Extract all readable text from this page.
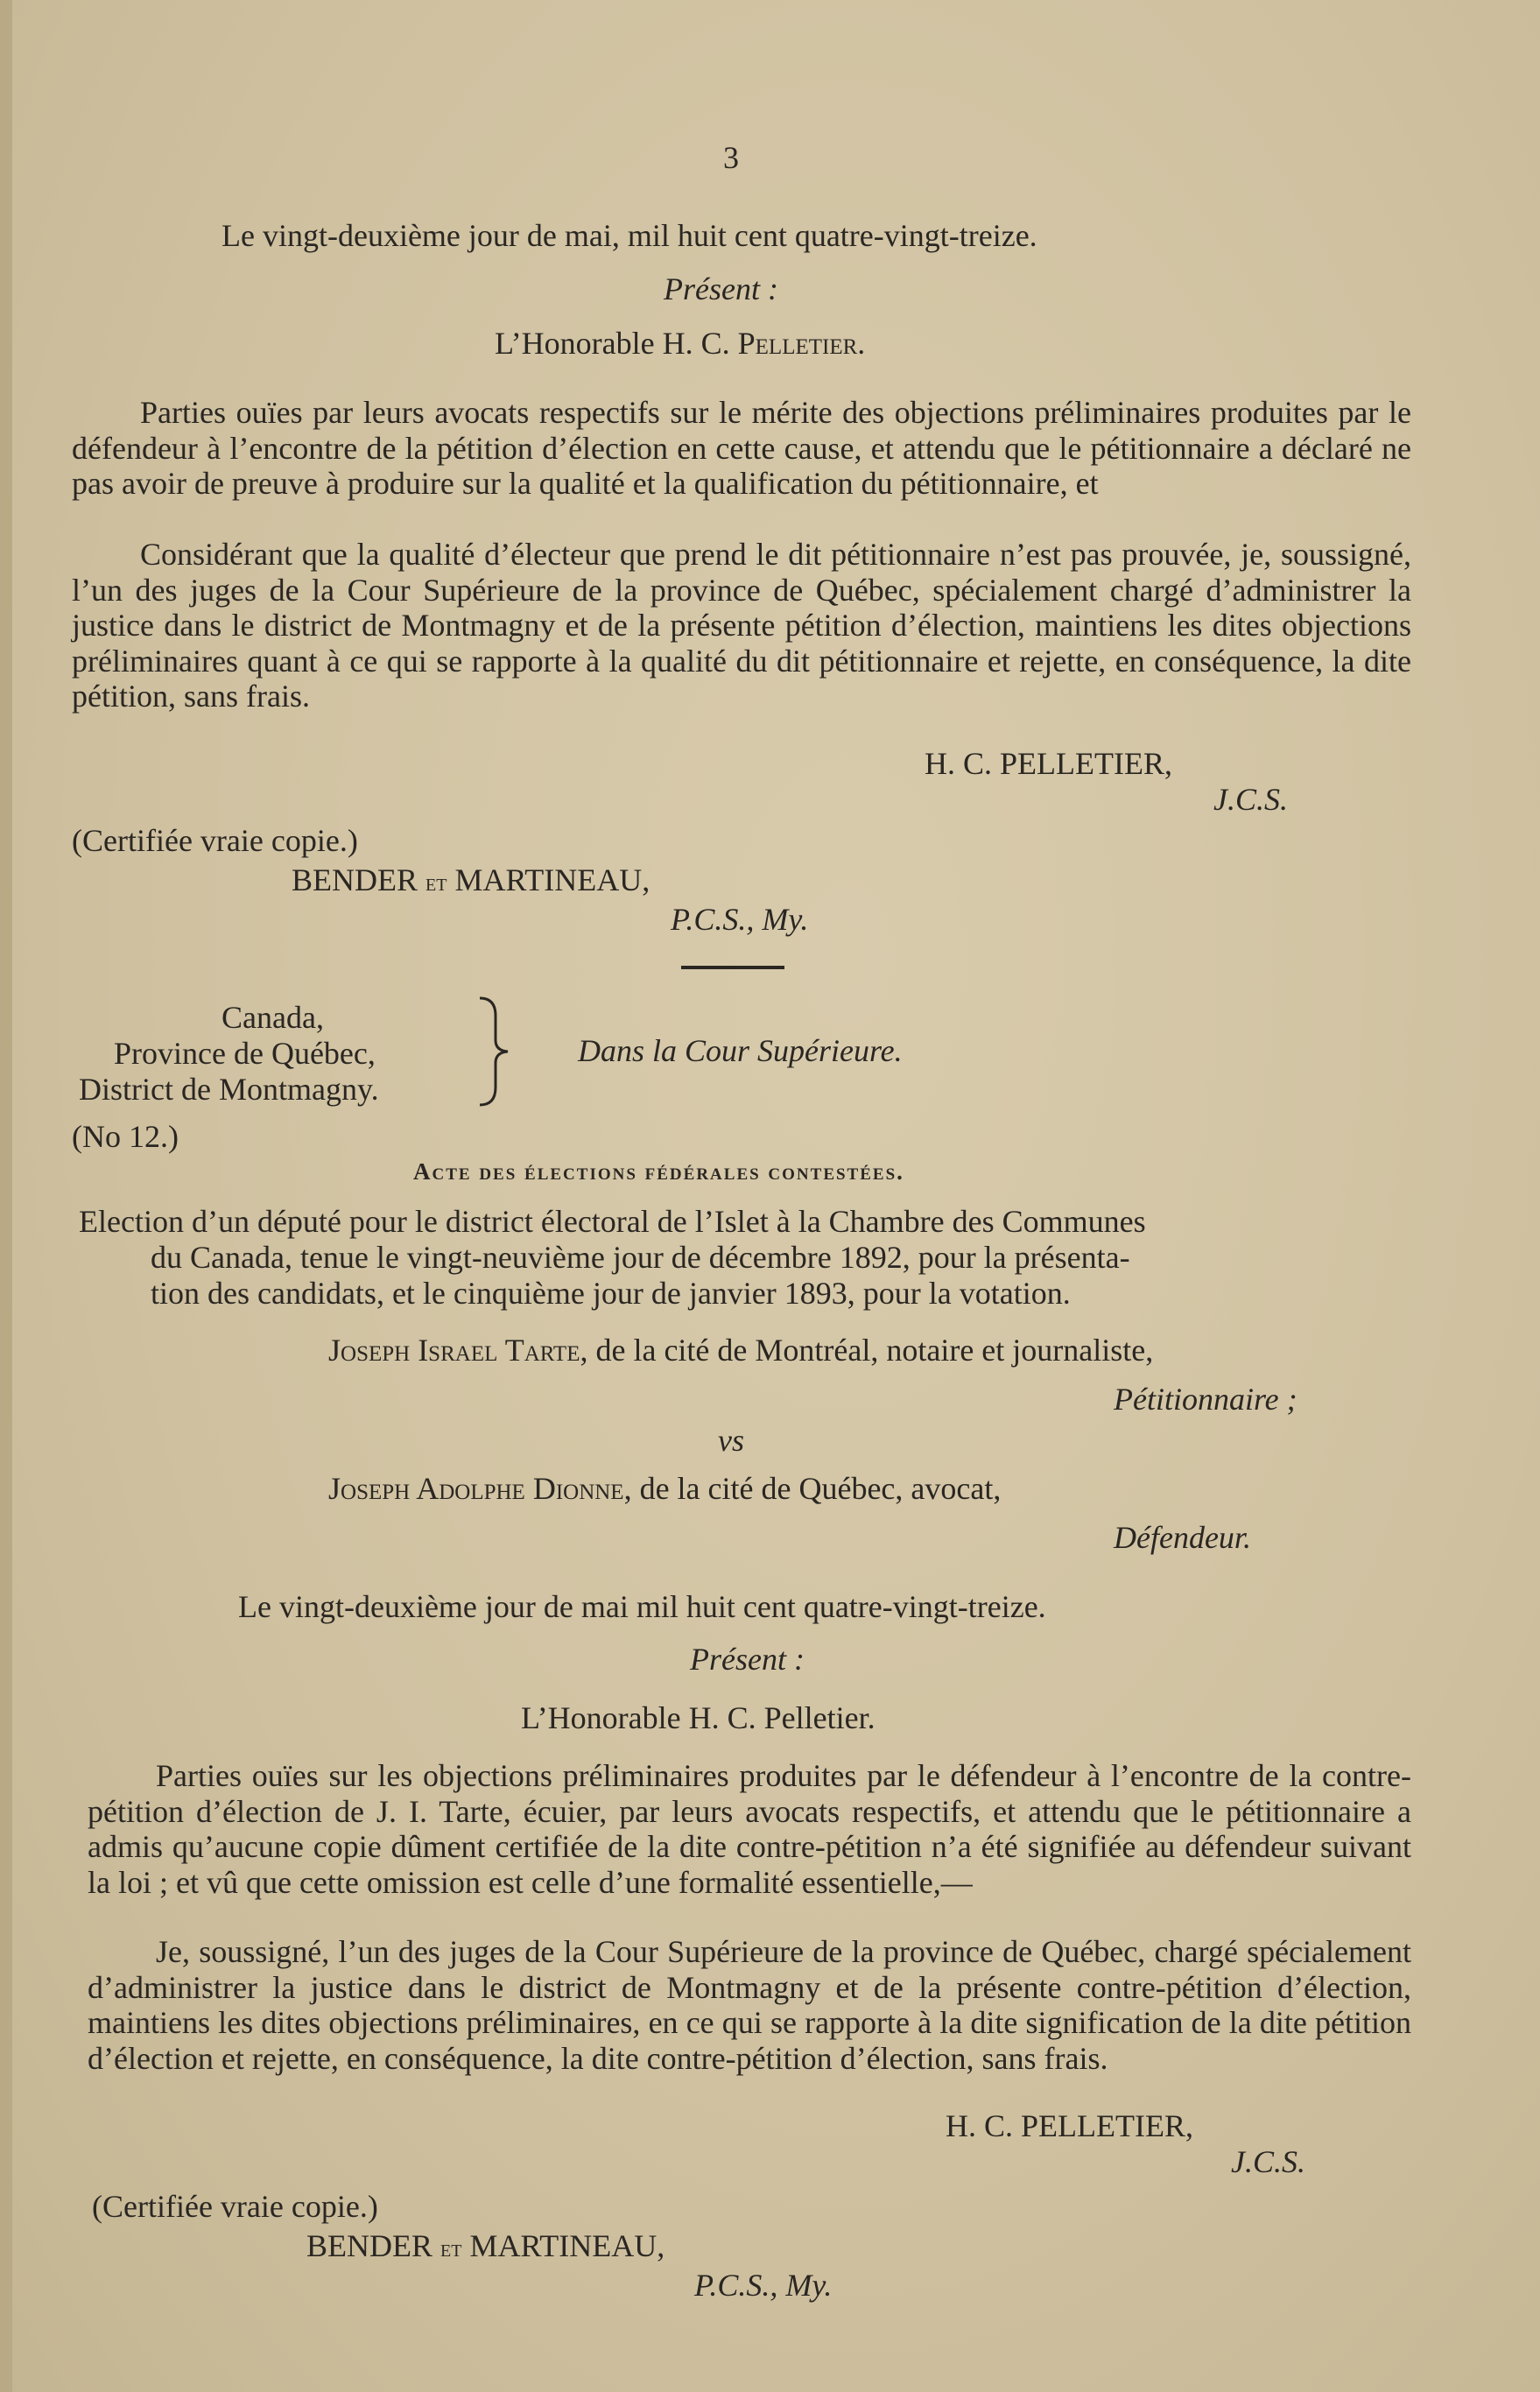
3
Le vingt-deuxième jour de mai, mil huit cent quatre-vingt-treize.
Présent :
L’Honorable H. C. Pelletier.
Parties ouïes par leurs avocats respectifs sur le mérite des objections préliminaires produites par le défendeur à l’encontre de la pétition d’élection en cette cause, et attendu que le pétitionnaire a déclaré ne pas avoir de preuve à produire sur la qualité et la qualification du pétitionnaire, et
Considérant que la qualité d’électeur que prend le dit pétitionnaire n’est pas prouvée, je, soussigné, l’un des juges de la Cour Supérieure de la province de Québec, spécialement chargé d’administrer la justice dans le district de Montmagny et de la présente pétition d’élection, maintiens les dites objections préliminaires quant à ce qui se rapporte à la qualité du dit pétitionnaire et rejette, en conséquence, la dite pétition, sans frais.
H. C. PELLETIER,
J.C.S.
(Certifiée vraie copie.)
BENDER et MARTINEAU,
P.C.S., My.
Canada,
Province de Québec,
District de Montmagny.
Dans la Cour Supérieure.
(No 12.)
Acte des élections fédérales contestées.
Election d’un député pour le district électoral de l’Islet à la Chambre des Communes
du Canada, tenue le vingt-neuvième jour de décembre 1892, pour la présenta-
tion des candidats, et le cinquième jour de janvier 1893, pour la votation.
Joseph Israel Tarte, de la cité de Montréal, notaire et journaliste,
Pétitionnaire ;
vs
Joseph Adolphe Dionne, de la cité de Québec, avocat,
Défendeur.
Le vingt-deuxième jour de mai mil huit cent quatre-vingt-treize.
Présent :
L’Honorable H. C. Pelletier.
Parties ouïes sur les objections préliminaires produites par le défendeur à l’encontre de la contre-pétition d’élection de J. I. Tarte, écuier, par leurs avocats respectifs, et attendu que le pétitionnaire a admis qu’aucune copie dûment certifiée de la dite contre-pétition n’a été signifiée au défendeur suivant la loi ; et vû que cette omission est celle d’une formalité essentielle,—
Je, soussigné, l’un des juges de la Cour Supérieure de la province de Québec, chargé spécialement d’administrer la justice dans le district de Montmagny et de la présente contre-pétition d’élection, maintiens les dites objections préliminaires, en ce qui se rapporte à la dite signification de la dite pétition d’élection et rejette, en conséquence, la dite contre-pétition d’élection, sans frais.
H. C. PELLETIER,
J.C.S.
(Certifiée vraie copie.)
BENDER et MARTINEAU,
P.C.S., My.
